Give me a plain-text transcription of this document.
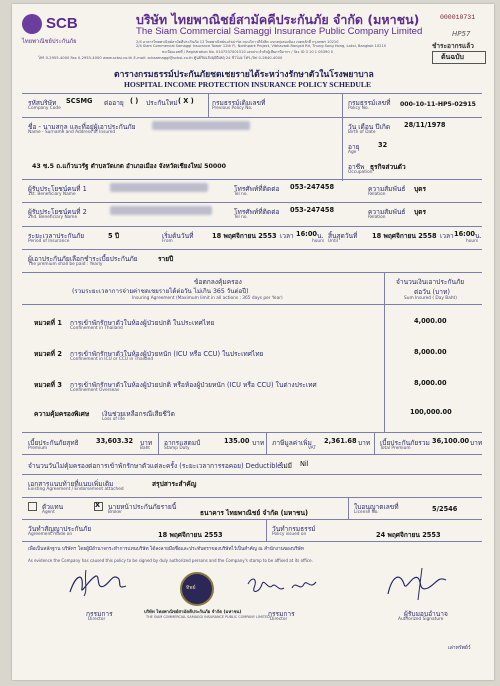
SCB
ไทยพาณิชย์ประกันภัย
บริษัท ไทยพาณิชย์สามัคคีประกันภัย จำกัด (มหาชน)
The Siam Commercial Samaggi Insurance Public Company Limited
2/4 อาคารไทยพาณิชย์สามัคคีประกันภัย 12 ไทยพาณิชย์นอร์ธปาร์ค ถนนวิภาวดีรังสิต แขวงทุ่งสองห้อง เขตหลักสี่ กรุงเทพฯ 10210
2/4 Siam Commercial Samaggi Insurance Tower 12th Fl, Northpark Project, Vibhavadi-Rangsit Rd, Thung Song Hong, Laksi, Bangkok 10210
ทะเบียนเลขที่ / Registration No. 0107537001510 เลขประจำตัวผู้เสียภาษีอากร / Tax ID 3 10 1 05390 0
โทร 0-2955-4000 Fax 0-2955-4000 www.scbsi.co.th E-mail: scbsamaggi@scbsi.co.th ศูนย์รับแจ้งอุบัติเหตุ 24 ชั่วโมง โทร./Tel 0-2640-4000
000010731
HP57
ชำระอากรแล้ว
ต้นฉบับ
ตารางกรมธรรม์ประกันภัยชดเชยรายได้ระหว่างรักษาตัวในโรงพยาบาล
HOSPITAL INCOME PROTECTION INSURANCE POLICY SCHEDULE
รหัสบริษัท SCSMG
Company Code
ต่ออายุ ( ) ประกันใหม่ ( X )	กรมธรรม์เดิมเลขที่
Previous Policy No.
กรมธรรม์เลขที่
Policy No.
000-10-11-HP5-02915
ชื่อ - นามสกุล และที่อยู่ผู้เอาประกันภัย
Name - Surname and Address of Insured
วัน เดือน ปีเกิด 28/11/1978
Birth of Date
อายุ	32
Age
43 ซ.5 ถ.แก้วนวรัฐ ตำบลวัดเกต อำเภอเมือง จังหวัดเชียงใหม่ 50000	อาชีพ ธุรกิจส่วนตัว
Occupation
ผู้รับประโยชน์คนที่ 1
1st. Beneficiary Name
โทรศัพท์ที่ติดต่อ 053-247458
Tel no.
ความสัมพันธ์ บุตร
Relation
ผู้รับประโยชน์คนที่ 2
2nd. Beneficiary Name
โทรศัพท์ที่ติดต่อ 053-247458
Tel no.
ความสัมพันธ์ บุตร
Relation
ระยะเวลาประกันภัย
Period of Insurance
5 ปี	เริ่มต้นวันที่
From
18 พฤศจิกายน 2553 เวลา 16:00 น.
hours
สิ้นสุดวันที่
Until
18 พฤศจิกายน 2558 เวลา 16:00 น.
hours
ผู้เอาประกันภัยเลือกชำระเบี้ยประกันภัย
The premium shall be paid : Yearly
รายปี
ข้อตกลงคุ้มครอง
(รวมระยะเวลาการจ่ายค่าชดเชยรายได้ต่อวัน ไม่เกิน 365 วันต่อปี)
Insuring Agreement (Maximum limit in all actions : 365 days per Year)
จำนวนเงินเอาประกันภัย
ต่อวัน (บาท)
Sum Insured ( Day Baht)
หมวดที่ 1 การเข้าพักรักษาตัวในห้องผู้ป่วยปกติ ในประเทศไทย
Confinement in Thailand
4,000.00
หมวดที่ 2 การเข้าพักรักษาตัวในห้องผู้ป่วยหนัก (ICU หรือ CCU) ในประเทศไทย
Confinement in ICU or CCU in Thailand
8,000.00
หมวดที่ 3 การเข้าพักรักษาตัวในห้องผู้ป่วยปกติ หรือห้องผู้ป่วยหนัก (ICU หรือ CCU) ในต่างประเทศ
Confinement Overseas
8,000.00
ความคุ้มครองพิเศษ เงินช่วยเหลือกรณีเสียชีวิต
Loss of life
100,000.00
เบี้ยประกันภัยสุทธิ
Premium
33,603.32 บาท
Baht
อากรแสตมป์
Stamp Duty
135.00 บาท ภาษีมูลค่าเพิ่ม
VAT
2,361.68 บาท เบี้ยประกันภัยรวม
Total Premium
36,100.00 บาท
จำนวนวันไม่คุ้มครองต่อการเข้าพักรักษาตัวแต่ละครั้ง (ระยะเวลาการรอคอย) Deductible:
ไม่มี Nil
เอกสารแนบท้ายที่แนบเพิ่มเติม
Existing Agreement / Endorsement attached
สรุปสาระสำคัญ
ตัวแทน
Agent
X นายหน้าประกันภัยรายนี้
Broker	ธนาคาร ไทยพาณิชย์ จำกัด (มหาชน)
ใบอนุญาตเลขที่
License No.	5/2546
วันทำสัญญาประกันภัย
Agreement made on	18 พฤศจิกายน 2553
วันทำกรมธรรม์
Policy issued on	24 พฤศจิกายน 2553
เพื่อเป็นหลักฐาน บริษัทฯ โดยผู้มีอำนาจกระทำการแทนบริษัท ได้ลงลายมือชื่อและประทับตราของบริษัทไว้เป็นสำคัญ ณ สำนักงานของบริษัท
As evidence the Company has caused this policy to be signed by duly authorized persons and the Company's stamp to be affixed at its office.
กรรมการ
Director
ทิพย์
บริษัท ไทยพาณิชย์สามัคคีประกันภัย จำกัด (มหาชน)
THE SIAM COMMERCIAL SAMAGGI INSURANCE PUBLIC COMPANY LIMITED
กรรมการ
Director
ผู้รับมอบอำนาจ
Authorized Signature
เล่าทรัพย์ว์
